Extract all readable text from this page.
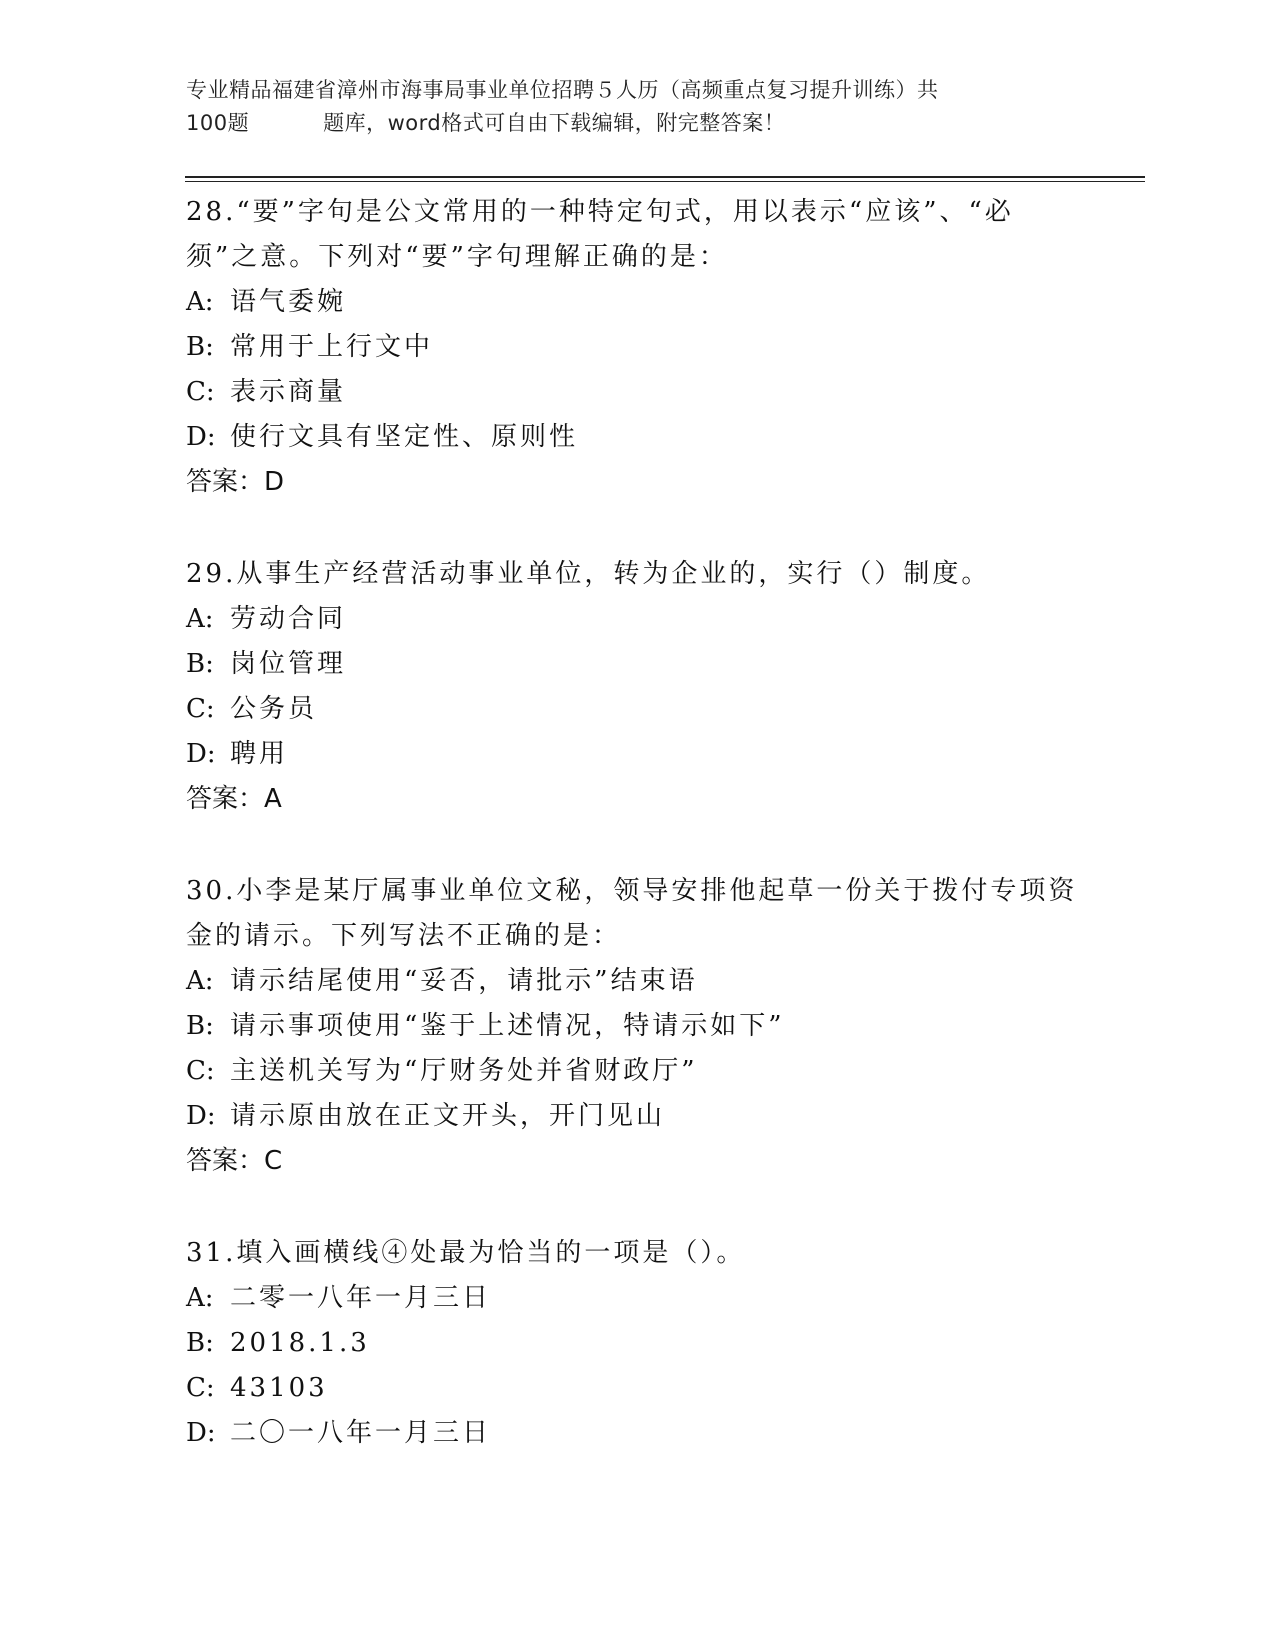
专业精品福建省漳州市海事局事业单位招聘５人历（高频重点复习提升训练）共
100题	题库，word格式可自由下载编辑，附完整答案！
28.“要”字句是公文常用的一种特定句式，用以表示“应该”、“必须”之意。下列对“要”字句理解正确的是：
A: 语气委婉
B: 常用于上行文中
C: 表示商量
D: 使行文具有坚定性、原则性
答案：D
29.从事生产经营活动事业单位，转为企业的，实行（）制度。
A: 劳动合同
B: 岗位管理
C: 公务员
D: 聘用
答案：A
30.小李是某厅属事业单位文秘，领导安排他起草一份关于拨付专项资金的请示。下列写法不正确的是：
A: 请示结尾使用“妥否，请批示”结束语
B: 请示事项使用“鉴于上述情况，特请示如下”
C: 主送机关写为“厅财务处并省财政厅”
D: 请示原由放在正文开头，开门见山
答案：C
31.填入画横线④处最为恰当的一项是（）。
A: 二零一八年一月三日
B: 2018.1.3
C: 43103
D: 二〇一八年一月三日
